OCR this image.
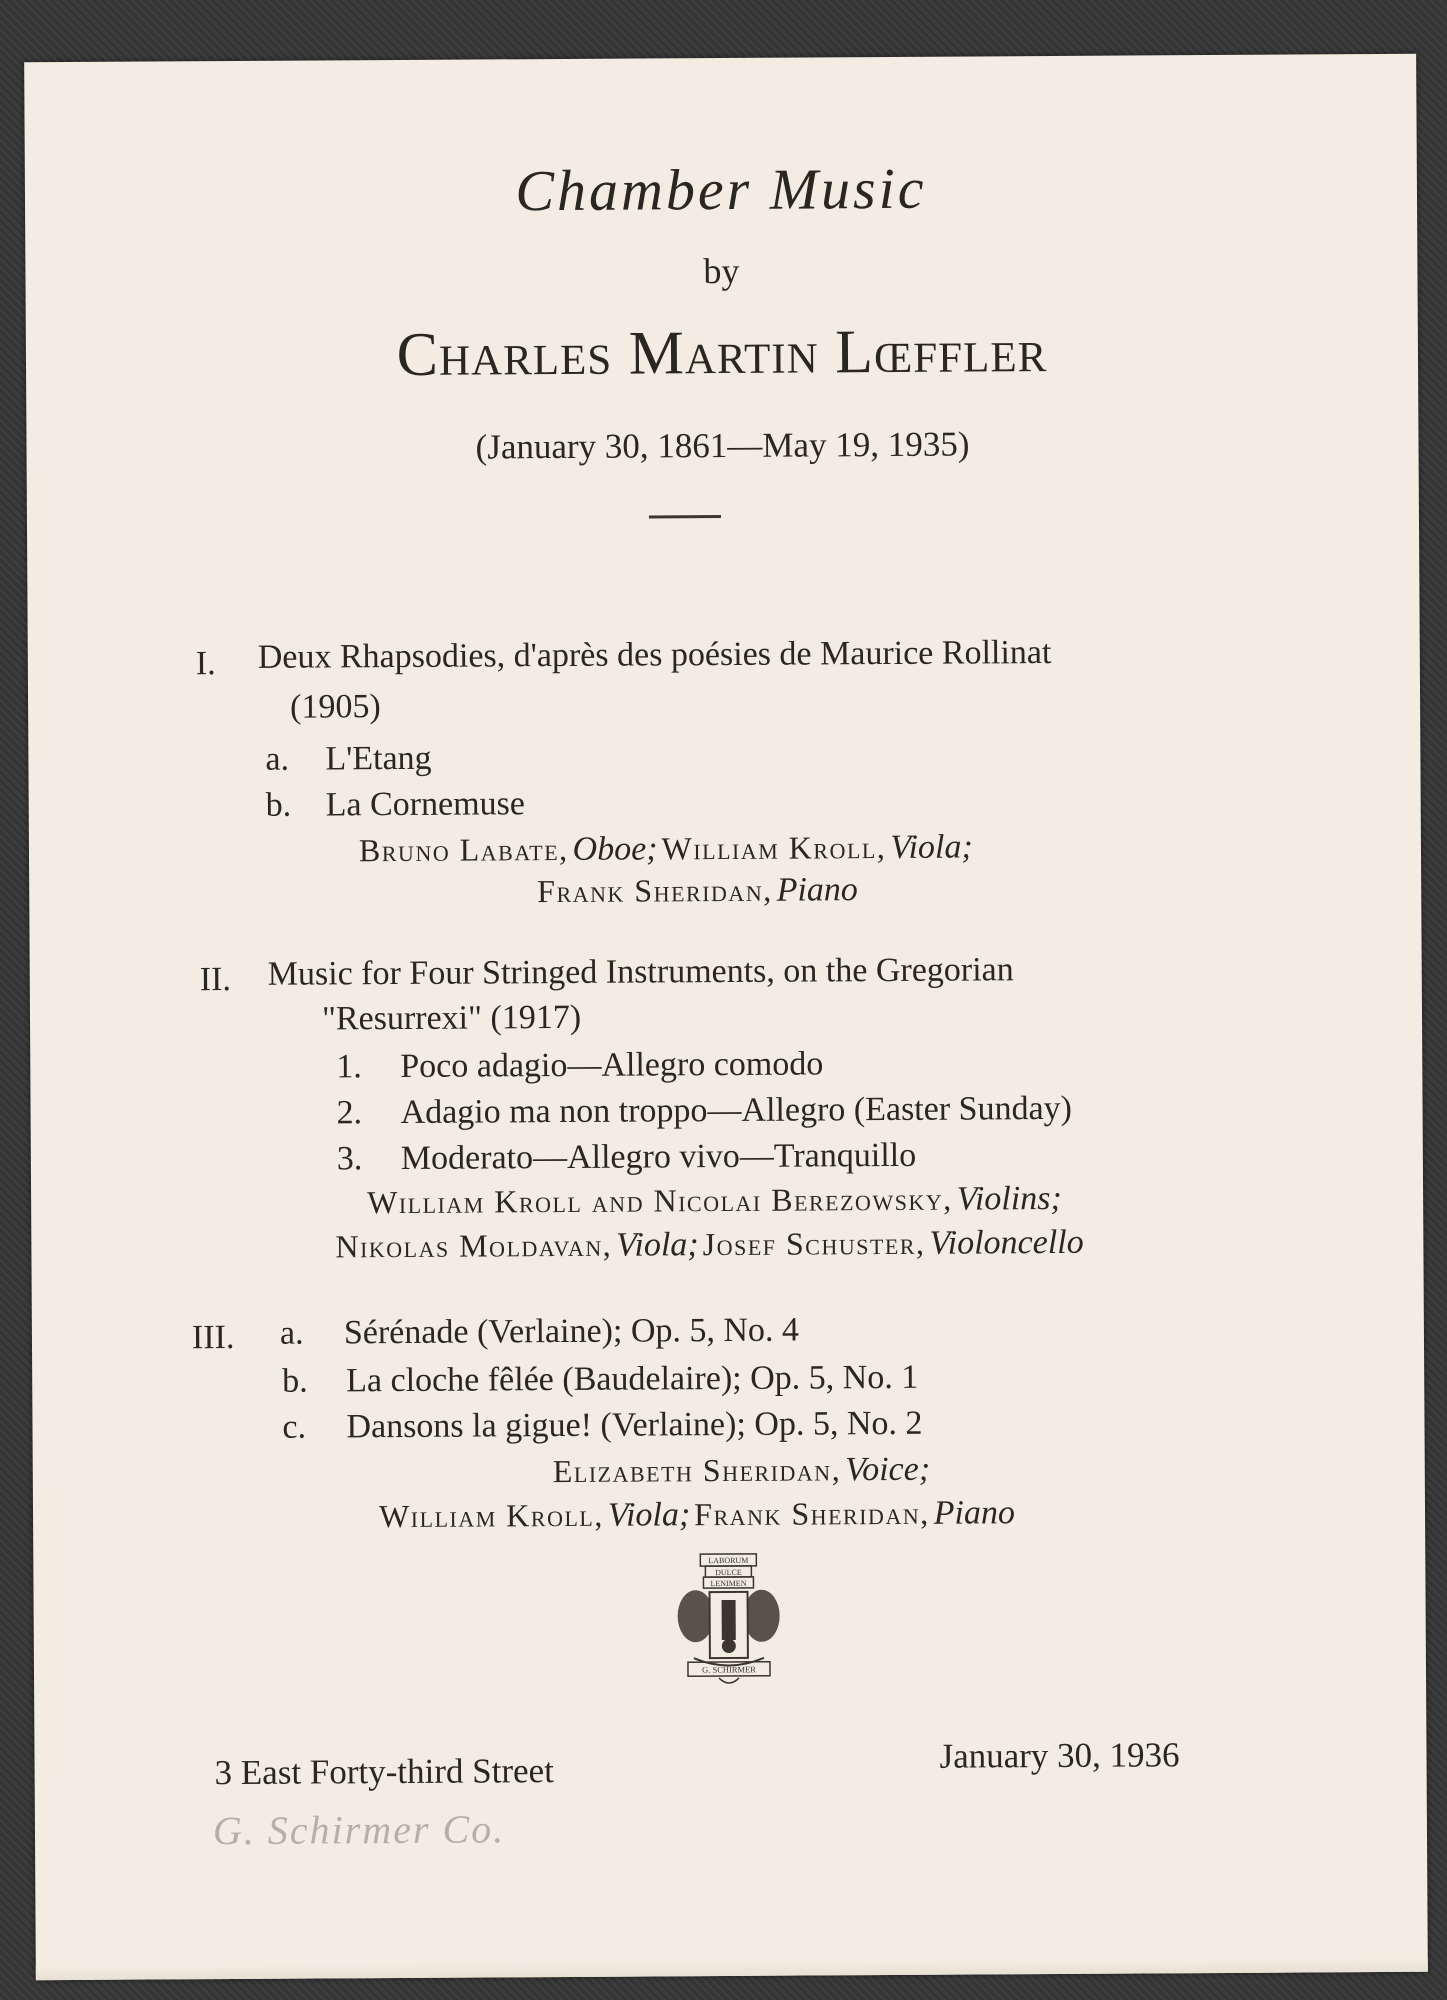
Chamber Music
by
Charles Martin Lœffler
(January 30, 1861—May 19, 1935)
I. Deux Rhapsodies, d'après des poésies de Maurice Rollinat
(1905)
a. L'Etang
b. La Cornemuse
Bruno Labate, Oboe; William Kroll, Viola;
Frank Sheridan, Piano
II. Music for Four Stringed Instruments, on the Gregorian
"Resurrexi" (1917)
1. Poco adagio—Allegro comodo
2. Adagio ma non troppo—Allegro (Easter Sunday)
3. Moderato—Allegro vivo—Tranquillo
William Kroll and Nicolai Berezowsky, Violins;
Nikolas Moldavan, Viola; Josef Schuster, Violoncello
III. a. Sérénade (Verlaine); Op. 5, No. 4
b. La cloche fêlée (Baudelaire); Op. 5, No. 1
c. Dansons la gigue! (Verlaine); Op. 5, No. 2
Elizabeth Sheridan, Voice;
William Kroll, Viola; Frank Sheridan, Piano
LABORUM
DULCE
LENIMEN
G. SCHIRMER
3 East Forty-third Street
G. Schirmer Co.
January 30, 1936
